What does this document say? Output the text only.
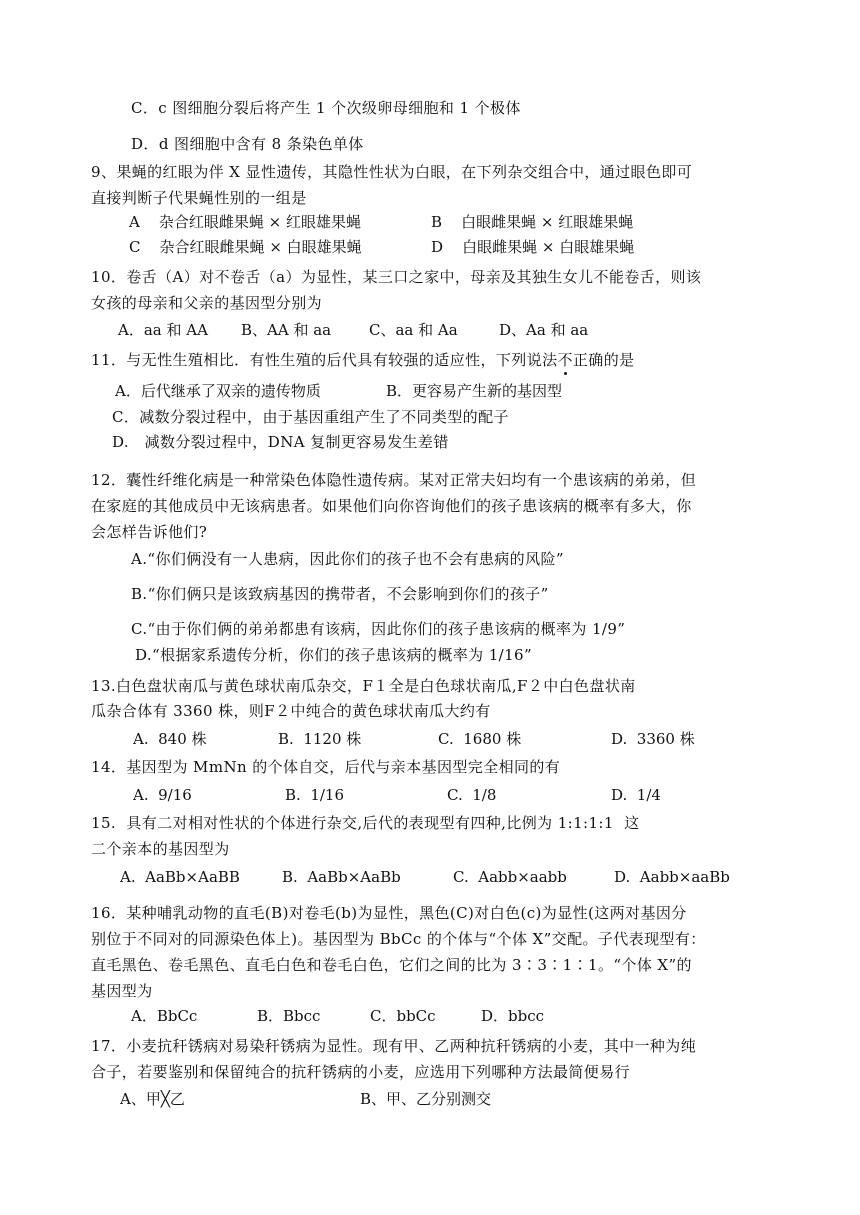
C．c 图细胞分裂后将产生 1 个次级卵母细胞和 1 个极体
D．d 图细胞中含有 8 条染色单体
9、果蝇的红眼为伴 X 显性遗传，其隐性性状为白眼，在下列杂交组合中，通过眼色即可
直接判断子代果蝇性别的一组是
A    杂合红眼雌果蝇 × 红眼雄果蝇	B    白眼雌果蝇 × 红眼雄果蝇
C    杂合红眼雌果蝇 × 白眼雄果蝇	D    白眼雌果蝇 × 白眼雄果蝇
10．卷舌（A）对不卷舌（a）为显性，某三口之家中，母亲及其独生女儿不能卷舌，则该
女孩的母亲和父亲的基因型分别为
A．aa 和 AA B、AA 和 aa	C、aa 和 Aa	D、Aa 和 aa
11．与无性生殖相比．有性生殖的后代具有较强的适应性，下列说法不正确的是
A．后代继承了双亲的遗传物质	B．更容易产生新的基因型
C．减数分裂过程中，由于基因重组产生了不同类型的配子
D.   减数分裂过程中，DNA 复制更容易发生差错
12．囊性纤维化病是一种常染色体隐性遗传病。某对正常夫妇均有一个患该病的弟弟，但
在家庭的其他成员中无该病患者。如果他们向你咨询他们的孩子患该病的概率有多大，你
会怎样告诉他们?
A.“你们俩没有一人患病，因此你们的孩子也不会有患病的风险”
B.“你们俩只是该致病基因的携带者，不会影响到你们的孩子”
C.“由于你们俩的弟弟都患有该病，因此你们的孩子患该病的概率为 1/9”
D.“根据家系遗传分析，你们的孩子患该病的概率为 1/16”
13.白色盘状南瓜与黄色球状南瓜杂交，F１全是白色球状南瓜,F２中白色盘状南
瓜杂合体有 3360 株，则F２中纯合的黄色球状南瓜大约有
A.  840 株	B.  1120 株	C.  1680 株	D.  3360 株
14．基因型为 MmNn 的个体自交，后代与亲本基因型完全相同的有
A.  9/16	B.  1/16	C.  1/8	D.  1/4
15.  具有二对相对性状的个体进行杂交,后代的表现型有四种,比例为 1:1:1:1  这
二个亲本的基因型为
A.  AaBb×AaBB	B.  AaBb×AaBb	C.  Aabb×aabb	D.  Aabb×aaBb
16．某种哺乳动物的直毛(B)对卷毛(b)为显性，黑色(C)对白色(c)为显性(这两对基因分
别位于不同对的同源染色体上)。基因型为 BbCc 的个体与“个体 X”交配。子代表现型有：
直毛黑色、卷毛黑色、直毛白色和卷毛白色，它们之间的比为 3∶3∶1∶1。“个体 X”的
基因型为
A．BbCc	B．Bbcc	C．bbCc	D．bbcc
17．小麦抗秆锈病对易染秆锈病为显性。现有甲、乙两种抗秆锈病的小麦，其中一种为纯
合子，若要鉴别和保留纯合的抗秆锈病的小麦，应选用下列哪种方法最简便易行
A、甲╳乙	B、甲、乙分别测交
